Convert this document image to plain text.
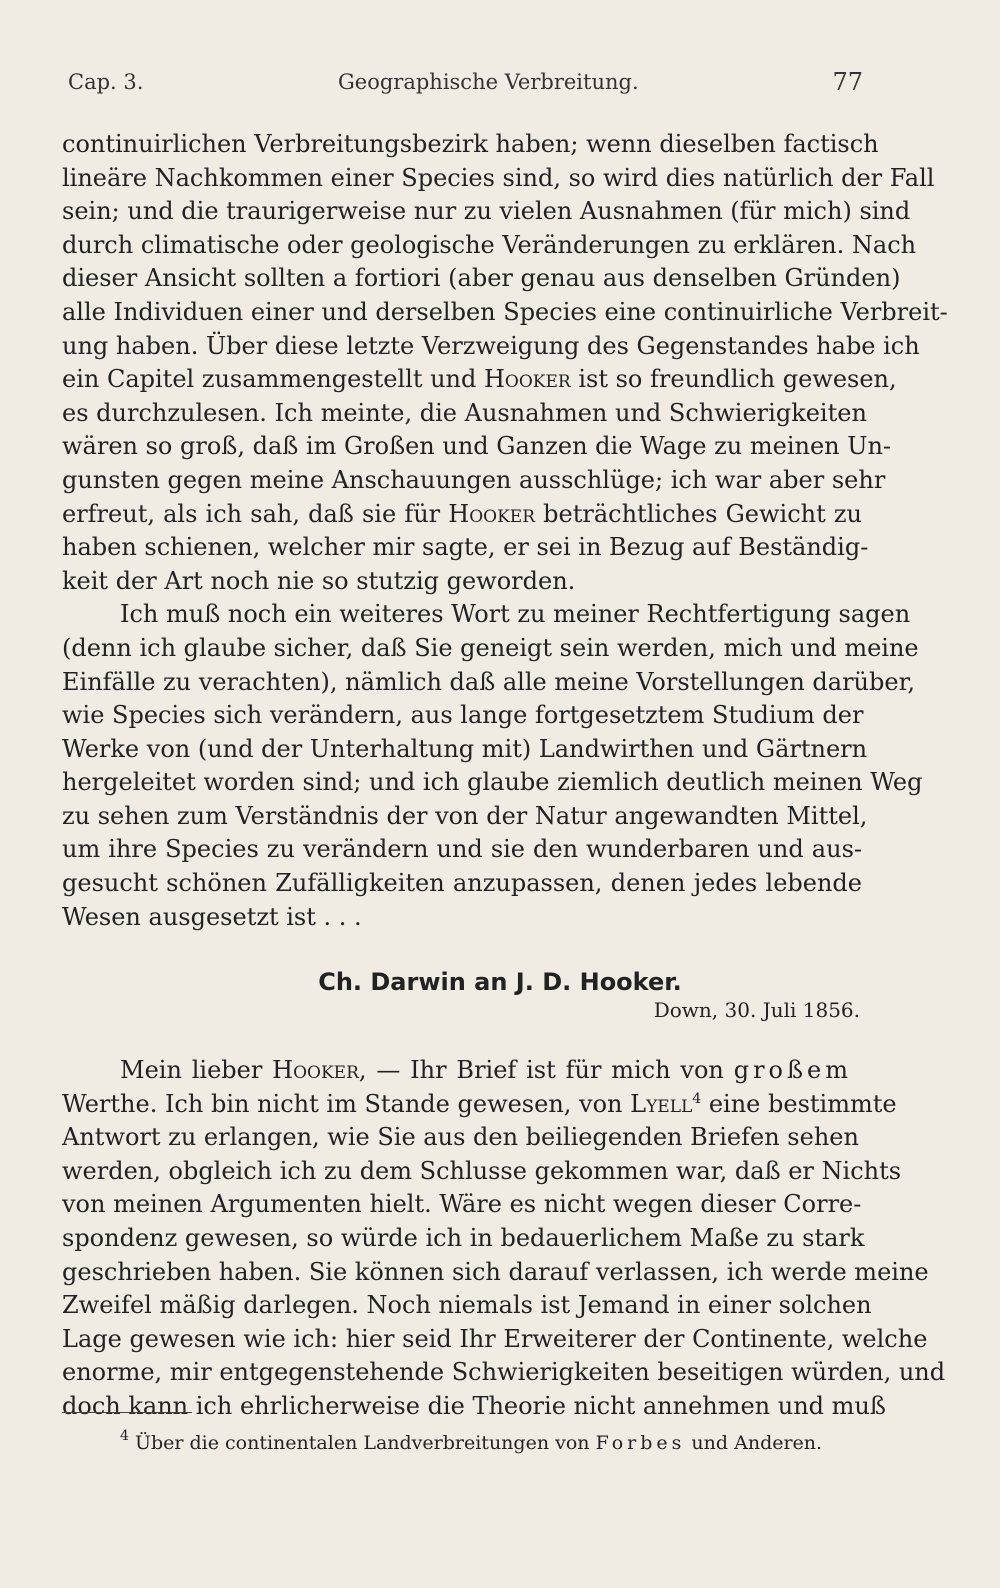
Cap. 3.	Geographische Verbreitung.	77

continuirlichen Verbreitungsbezirk haben; wenn dieselben factisch
lineäre Nachkommen einer Species sind, so wird dies natürlich der Fall
sein; und die traurigerweise nur zu vielen Ausnahmen (für mich) sind
durch climatische oder geologische Veränderungen zu erklären. Nach
dieser Ansicht sollten a fortiori (aber genau aus denselben Gründen)
alle Individuen einer und derselben Species eine continuirliche Verbreit-
ung haben. Über diese letzte Verzweigung des Gegenstandes habe ich
ein Capitel zusammengestellt und Hooker ist so freundlich gewesen,
es durchzulesen. Ich meinte, die Ausnahmen und Schwierigkeiten
wären so groß, daß im Großen und Ganzen die Wage zu meinen Un-
gunsten gegen meine Anschauungen ausschlüge; ich war aber sehr
erfreut, als ich sah, daß sie für Hooker beträchtliches Gewicht zu
haben schienen, welcher mir sagte, er sei in Bezug auf Beständig-
keit der Art noch nie so stutzig geworden.

Ich muß noch ein weiteres Wort zu meiner Rechtfertigung sagen
(denn ich glaube sicher, daß Sie geneigt sein werden, mich und meine
Einfälle zu verachten), nämlich daß alle meine Vorstellungen darüber,
wie Species sich verändern, aus lange fortgesetztem Studium der
Werke von (und der Unterhaltung mit) Landwirthen und Gärtnern
hergeleitet worden sind; und ich glaube ziemlich deutlich meinen Weg
zu sehen zum Verständnis der von der Natur angewandten Mittel,
um ihre Species zu verändern und sie den wunderbaren und aus-
gesucht schönen Zufälligkeiten anzupassen, denen jedes lebende
Wesen ausgesetzt ist . . .

Ch. Darwin an J. D. Hooker.
Down, 30. Juli 1856.

Mein lieber Hooker, — Ihr Brief ist für mich von großem
Werthe. Ich bin nicht im Stande gewesen, von Lyell$^4$ eine bestimmte
Antwort zu erlangen, wie Sie aus den beiliegenden Briefen sehen
werden, obgleich ich zu dem Schlusse gekommen war, daß er Nichts
von meinen Argumenten hielt. Wäre es nicht wegen dieser Corre-
spondenz gewesen, so würde ich in bedauerlichem Maße zu stark
geschrieben haben. Sie können sich darauf verlassen, ich werde meine
Zweifel mäßig darlegen. Noch niemals ist Jemand in einer solchen
Lage gewesen wie ich: hier seid Ihr Erweiterer der Continente, welche
enorme, mir entgegenstehende Schwierigkeiten beseitigen würden, und
doch kann ich ehrlicherweise die Theorie nicht annehmen und muß

$^4$ Über die continentalen Landverbreitungen von Forbes und Anderen.
